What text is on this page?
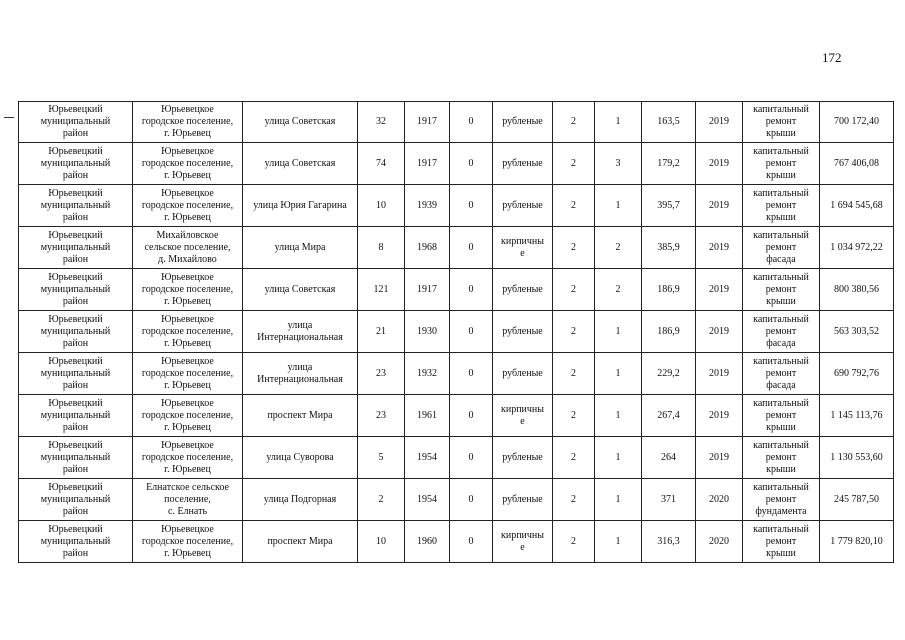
172
Юрьевецкий
муниципальный
район	Юрьевецкое
городское поселение,
г. Юрьевец	улица Советская	32	1917	0	рубленые	2	1	163,5	2019	капитальный
ремонт
крыши	700 172,40
Юрьевецкий
муниципальный
район	Юрьевецкое
городское поселение,
г. Юрьевец	улица Советская	74	1917	0	рубленые	2	3	179,2	2019	капитальный
ремонт
крыши	767 406,08
Юрьевецкий
муниципальный
район	Юрьевецкое
городское поселение,
г. Юрьевец	улица Юрия Гагарина	10	1939	0	рубленые	2	1	395,7	2019	капитальный
ремонт
крыши	1 694 545,68
Юрьевецкий
муниципальный
район	Михайловское
сельское поселение,
д. Михайлово	улица Мира	8	1968	0	кирпичны
е	2	2	385,9	2019	капитальный
ремонт
фасада	1 034 972,22
Юрьевецкий
муниципальный
район	Юрьевецкое
городское поселение,
г. Юрьевец	улица Советская	121	1917	0	рубленые	2	2	186,9	2019	капитальный
ремонт
крыши	800 380,56
Юрьевецкий
муниципальный
район	Юрьевецкое
городское поселение,
г. Юрьевец	улица
Интернациональная	21	1930	0	рубленые	2	1	186,9	2019	капитальный
ремонт
фасада	563 303,52
Юрьевецкий
муниципальный
район	Юрьевецкое
городское поселение,
г. Юрьевец	улица
Интернациональная	23	1932	0	рубленые	2	1	229,2	2019	капитальный
ремонт
фасада	690 792,76
Юрьевецкий
муниципальный
район	Юрьевецкое
городское поселение,
г. Юрьевец	проспект Мира	23	1961	0	кирпичны
е	2	1	267,4	2019	капитальный
ремонт
крыши	1 145 113,76
Юрьевецкий
муниципальный
район	Юрьевецкое
городское поселение,
г. Юрьевец	улица Суворова	5	1954	0	рубленые	2	1	264	2019	капитальный
ремонт
крыши	1 130 553,60
Юрьевецкий
муниципальный
район	Елнатское сельское
поселение,
с. Елнать	улица Подгорная	2	1954	0	рубленые	2	1	371	2020	капитальный
ремонт
фундамента	245 787,50
Юрьевецкий
муниципальный
район	Юрьевецкое
городское поселение,
г. Юрьевец	проспект Мира	10	1960	0	кирпичны
е	2	1	316,3	2020	капитальный
ремонт
крыши	1 779 820,10
